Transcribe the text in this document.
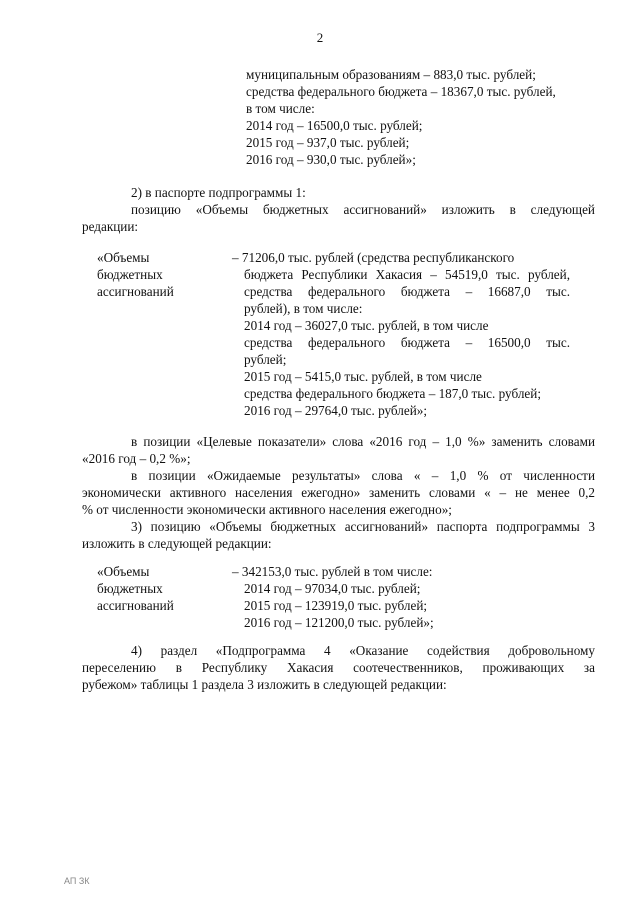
2
муниципальным образованиям – 883,0 тыс. рублей;
средства федерального бюджета – 18367,0 тыс. рублей,
в том числе:
2014 год – 16500,0 тыс. рублей;
2015 год – 937,0 тыс. рублей;
2016 год – 930,0 тыс. рублей»;
2) в паспорте подпрограммы 1:
позицию «Объемы бюджетных ассигнований» изложить в следующей
редакции:
«Объемы
бюджетных
ассигнований
– 71206,0 тыс. рублей (средства республиканского
бюджета Республики Хакасия – 54519,0 тыс. рублей,
средства федерального бюджета – 16687,0 тыс.
рублей), в том числе:
2014 год – 36027,0 тыс. рублей, в том числе
средства федерального бюджета – 16500,0 тыс.
рублей;
2015 год – 5415,0 тыс. рублей, в том числе
средства федерального бюджета – 187,0 тыс. рублей;
2016 год – 29764,0 тыс. рублей»;
в позиции «Целевые показатели» слова «2016 год – 1,0 %» заменить словами
«2016 год – 0,2 %»;
в позиции «Ожидаемые результаты» слова « – 1,0 % от численности
экономически активного населения ежегодно» заменить словами « – не менее 0,2
% от численности экономически активного населения ежегодно»;
3) позицию «Объемы бюджетных ассигнований» паспорта подпрограммы 3
изложить в следующей редакции:
«Объемы
бюджетных
ассигнований
– 342153,0 тыс. рублей в том числе:
2014 год – 97034,0 тыс. рублей;
2015 год – 123919,0 тыс. рублей;
2016 год – 121200,0 тыс. рублей»;
4) раздел «Подпрограмма 4 «Оказание содействия добровольному
переселению в Республику Хакасия соотечественников, проживающих за
рубежом» таблицы 1 раздела 3 изложить в следующей редакции:
АП ЗК
